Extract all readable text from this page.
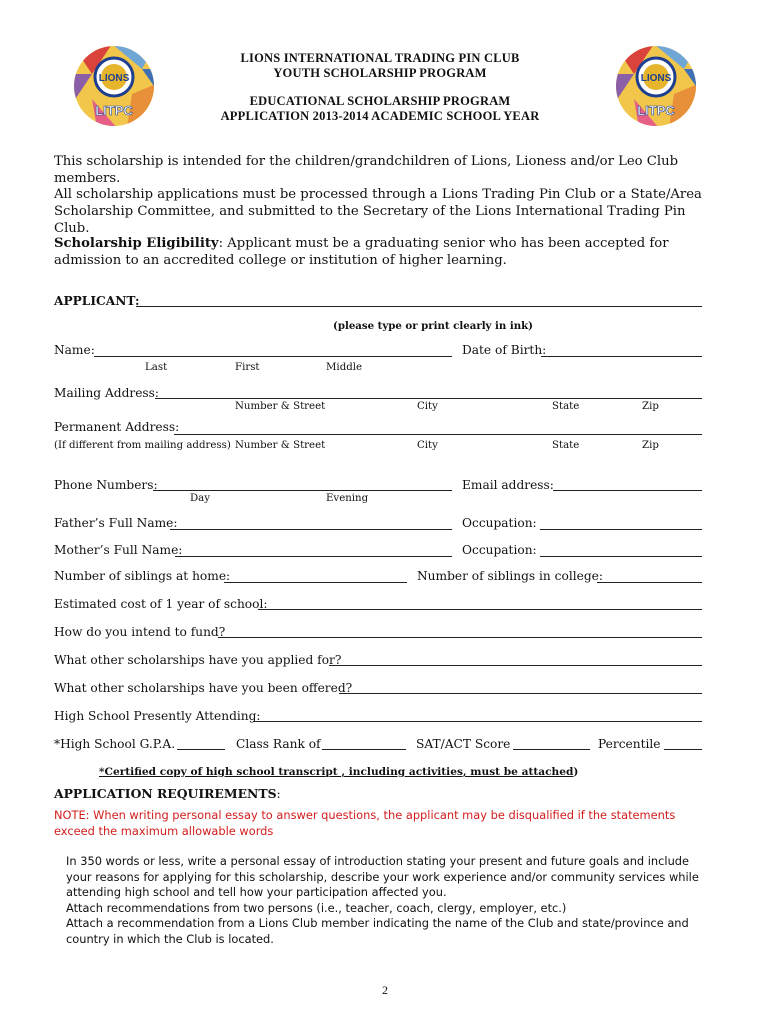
LIONS
LITPC
LIONS
LITPC
LIONS INTERNATIONAL TRADING PIN CLUB
YOUTH SCHOLARSHIP PROGRAM
EDUCATIONAL SCHOLARSHIP PROGRAM
APPLICATION 2013-2014 ACADEMIC SCHOOL YEAR
This scholarship is intended for the children/grandchildren of Lions, Lioness and/or Leo Club members.
All scholarship applications must be processed through a Lions Trading Pin Club or a State/Area Scholarship Committee, and submitted to the Secretary of the Lions International Trading Pin Club.
Scholarship Eligibility: Applicant must be a graduating senior who has been accepted for admission to an accredited college or institution of higher learning.
APPLICANT:
(please type or print clearly in ink)
Name:	Date of Birth:
Last	First	Middle
Mailing Address:
Number & Street	City	State	Zip
Permanent Address:
(If different from mailing address) Number & Street	City	State	Zip
Phone Numbers:	Email address:
Day	Evening
Father’s Full Name:	Occupation:
Mother’s Full Name:	Occupation:
Number of siblings at home:	Number of siblings in college:
Estimated cost of 1 year of school:
How do you intend to fund?
What other scholarships have you applied for?
What other scholarships have you been offered?
High School Presently Attending:
*High School G.P.A.	Class Rank of	SAT/ACT Score	Percentile
*Certified copy of high school transcript , including activities, must be attached)
APPLICATION REQUIREMENTS:
NOTE: When writing personal essay to answer questions, the applicant may be disqualified if the statements exceed the maximum allowable words

In 350 words or less, write a personal essay of introduction stating your present and future goals and include your reasons for applying for this scholarship, describe your work experience and/or community services while attending high school and tell how your participation affected you.

Attach recommendations from two persons (i.e., teacher, coach, clergy, employer, etc.)

Attach a recommendation from a Lions Club member indicating the name of the Club and state/province and country in which the Club is located.

2
